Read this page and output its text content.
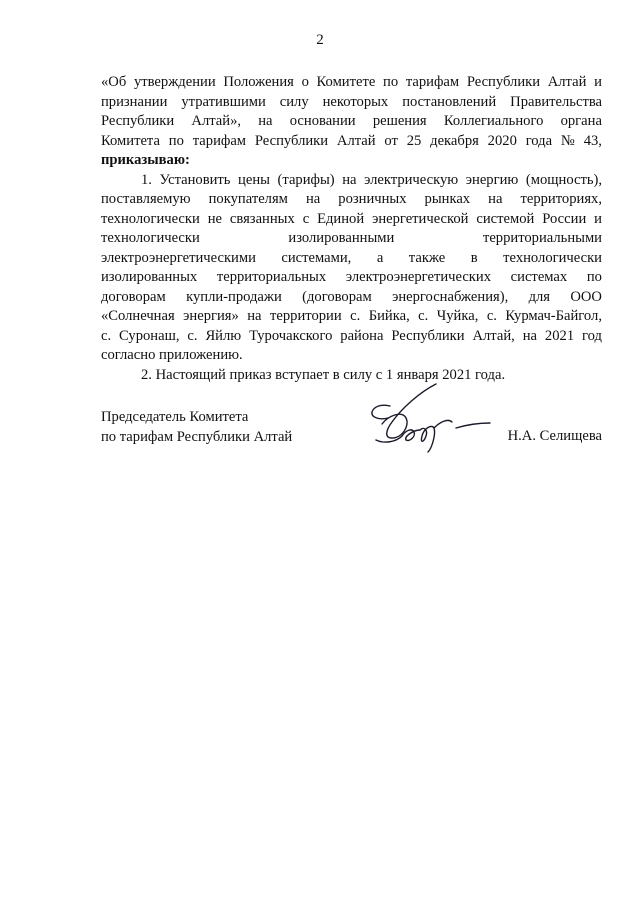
2

«Об утверждении Положения о Комитете по тарифам Республики Алтай и
признании утратившими силу некоторых постановлений Правительства
Республики Алтай», на основании решения Коллегиального органа
Комитета по тарифам Республики Алтай от 25 декабря 2020 года № 43,
приказываю:

1. Установить цены (тарифы) на электрическую энергию (мощность),
поставляемую покупателям на розничных рынках на территориях,
технологически не связанных с Единой энергетической системой России и
технологически	изолированными	территориальными
электроэнергетическими системами, а также в технологически
изолированных территориальных электроэнергетических системах по
договорам купли-продажи (договорам энергоснабжения), для ООО
«Солнечная энергия» на территории с. Бийка, с. Чуйка, с. Курмач-Байгол,
с. Суронаш, с. Яйлю Турочакского района Республики Алтай, на 2021 год
согласно приложению.

2. Настоящий приказ вступает в силу с 1 января 2021 года.

Председатель Комитета
по тарифам Республики Алтай	Н.А. Селищева
